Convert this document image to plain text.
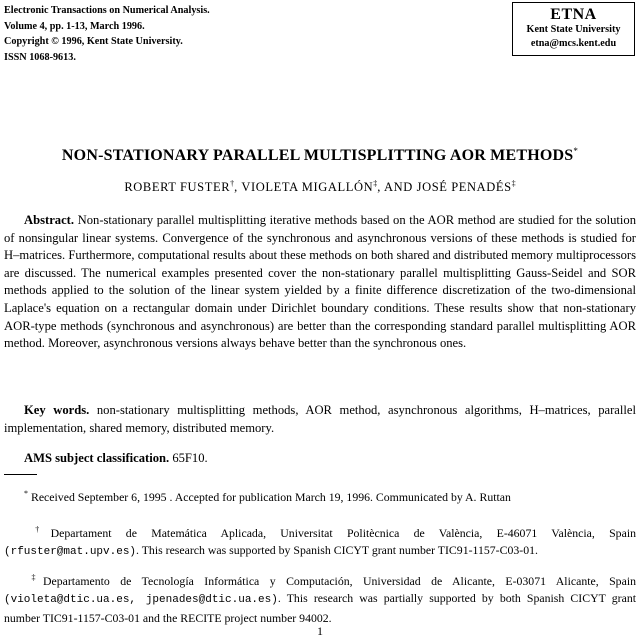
Electronic Transactions on Numerical Analysis.
Volume 4, pp. 1-13, March 1996.
Copyright © 1996, Kent State University.
ISSN 1068-9613.
ETNA
Kent State University
etna@mcs.kent.edu
NON-STATIONARY PARALLEL MULTISPLITTING AOR METHODS*
ROBERT FUSTER†, VIOLETA MIGALLÓN‡, AND JOSÉ PENADÉS‡
Abstract. Non-stationary parallel multisplitting iterative methods based on the AOR method are studied for the solution of nonsingular linear systems. Convergence of the synchronous and asynchronous versions of these methods is studied for H–matrices. Furthermore, computational results about these methods on both shared and distributed memory multiprocessors are discussed. The numerical examples presented cover the non-stationary parallel multisplitting Gauss-Seidel and SOR methods applied to the solution of the linear system yielded by a finite difference discretization of the two-dimensional Laplace's equation on a rectangular domain under Dirichlet boundary conditions. These results show that non-stationary AOR-type methods (synchronous and asynchronous) are better than the corresponding standard parallel multisplitting AOR method. Moreover, asynchronous versions always behave better than the synchronous ones.
Key words. non-stationary multisplitting methods, AOR method, asynchronous algorithms, H–matrices, parallel implementation, shared memory, distributed memory.
AMS subject classification. 65F10.
* Received September 6, 1995 . Accepted for publication March 19, 1996. Communicated by A. Ruttan
†Departament de Matemática Aplicada, Universitat Politècnica de València, E-46071 València, Spain (rfuster@mat.upv.es). This research was supported by Spanish CICYT grant number TIC91-1157-C03-01.
‡Departamento de Tecnología Informática y Computación, Universidad de Alicante, E-03071 Alicante, Spain (violeta@dtic.ua.es, jpenades@dtic.ua.es). This research was partially supported by both Spanish CICYT grant number TIC91-1157-C03-01 and the RECITE project number 94002.
1
